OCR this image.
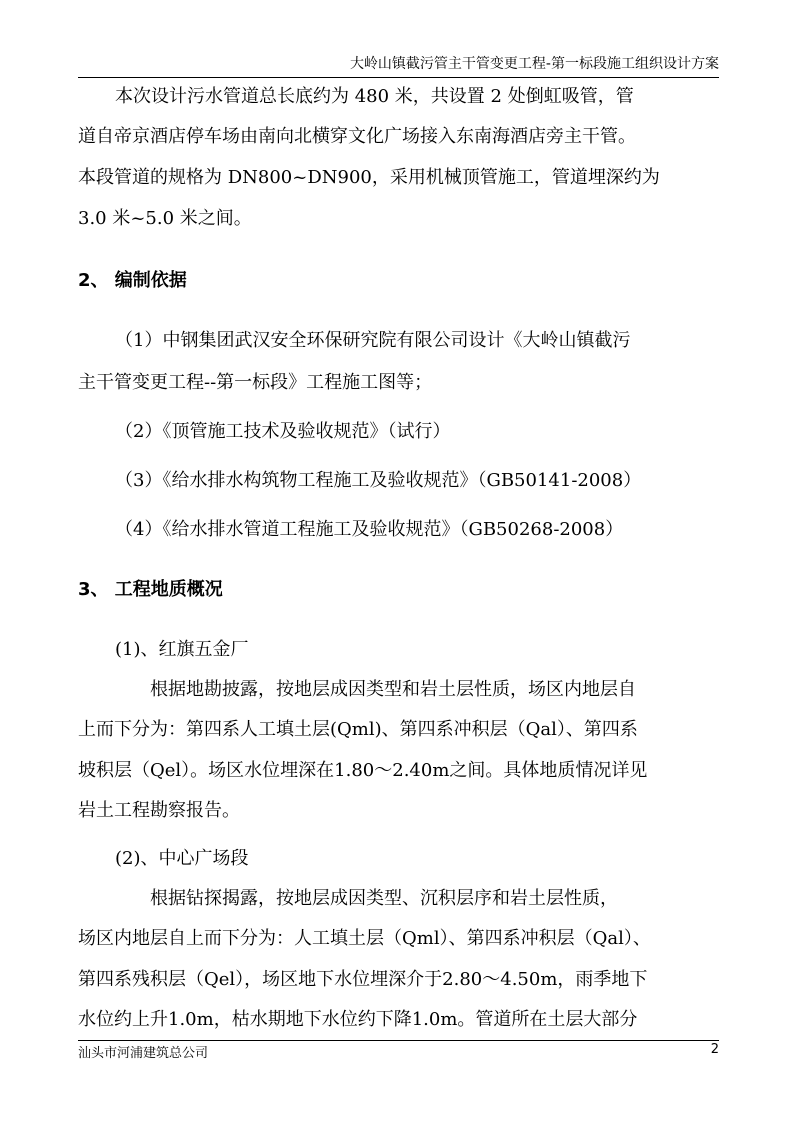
大岭山镇截污管主干管变更工程-第一标段施工组织设计方案
本次设计污水管道总长底约为 480 米，共设置 2 处倒虹吸管，管
道自帝京酒店停车场由南向北横穿文化广场接入东南海酒店旁主干管。
本段管道的规格为 DN800~DN900，采用机械顶管施工，管道埋深约为
3.0 米~5.0 米之间。
2、 编制依据
（1）中钢集团武汉安全环保研究院有限公司设计《大岭山镇截污
主干管变更工程--第一标段》工程施工图等；
（2）《顶管施工技术及验收规范》（试行）
（3）《给水排水构筑物工程施工及验收规范》（GB50141-2008）
（4）《给水排水管道工程施工及验收规范》（GB50268-2008）
3、 工程地质概况
(1)、红旗五金厂
根据地勘披露，按地层成因类型和岩土层性质，场区内地层自
上而下分为：第四系人工填土层(Qml)、第四系冲积层（Qal）、第四系
坡积层（Qel）。场区水位埋深在1.80～2.40m之间。具体地质情况详见
岩土工程勘察报告。
(2)、中心广场段
根据钻探揭露，按地层成因类型、沉积层序和岩土层性质，
场区内地层自上而下分为：人工填土层（Qml）、第四系冲积层（Qal）、
第四系残积层（Qel），场区地下水位埋深介于2.80～4.50m，雨季地下
水位约上升1.0m，枯水期地下水位约下降1.0m。管道所在土层大部分
汕头市河浦建筑总公司	2
